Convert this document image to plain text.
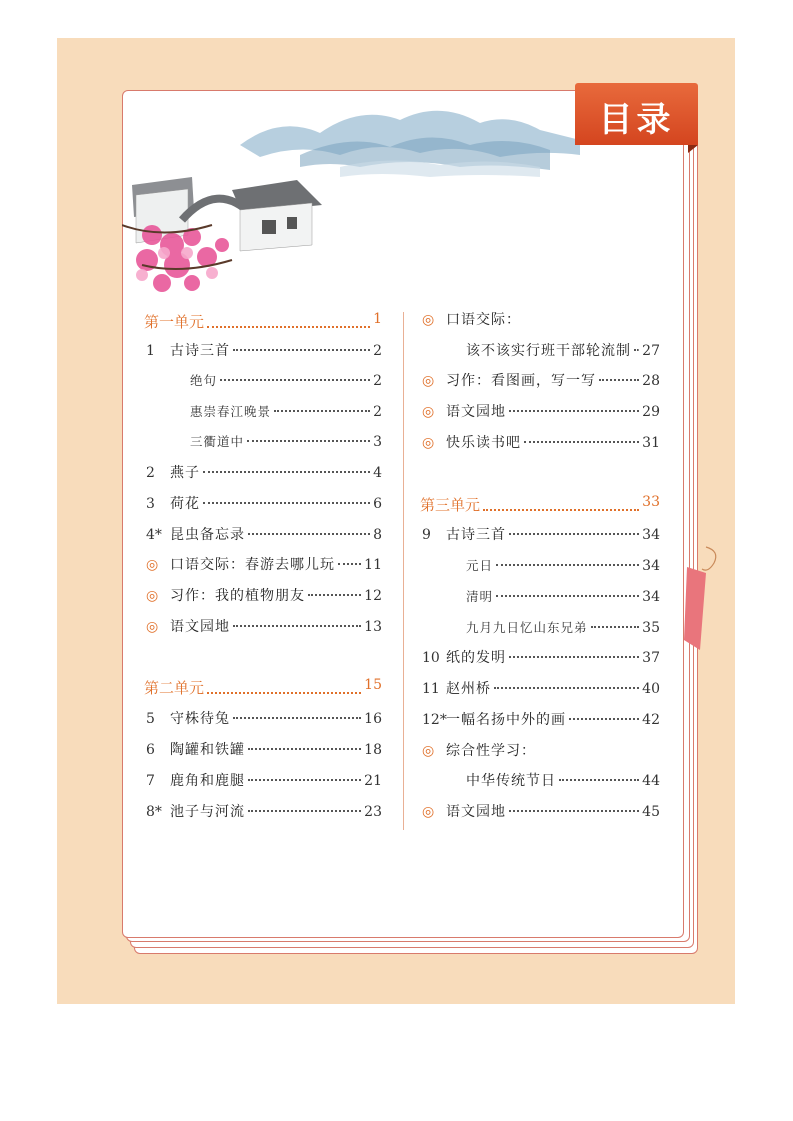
目录
第一单元	1
1	古诗三首	2
绝句	2
惠崇春江晚景	2
三衢道中	3
2	燕子	4
3	荷花	6
4* 昆虫备忘录	8
◎ 口语交际：春游去哪儿玩 11
◎ 习作：我的植物朋友	12
◎ 语文园地	13
第二单元	15
5	守株待兔	16
6	陶罐和铁罐	18
7	鹿角和鹿腿	21
8* 池子与河流	23
◎ 口语交际：
该不该实行班干部轮流制 27
◎ 习作：看图画，写一写	28
◎ 语文园地	29
◎ 快乐读书吧	31
第三单元	33
9	古诗三首	34
元日	34
清明	34
九月九日忆山东兄弟	35
10 纸的发明	37
11 赵州桥	40
12* 一幅名扬中外的画	42
◎ 综合性学习：
中华传统节日	44
◎ 语文园地	45
